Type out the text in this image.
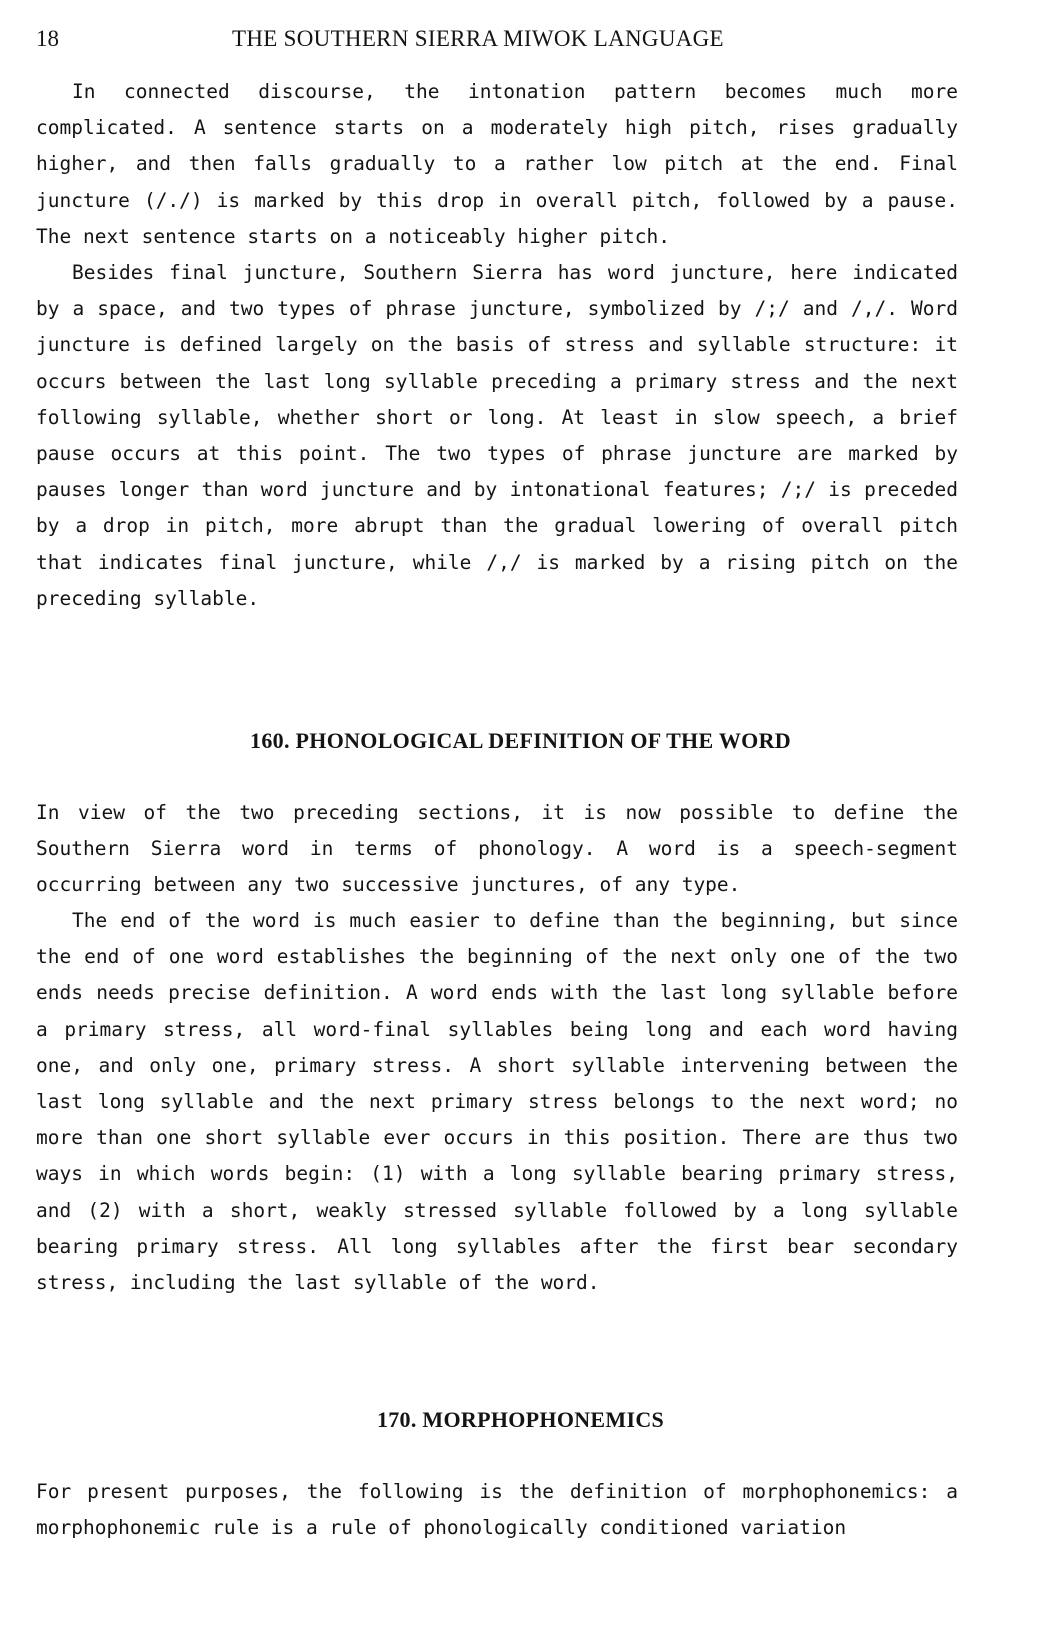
18	THE SOUTHERN SIERRA MIWOK LANGUAGE

In connected discourse, the intonation pattern becomes much more complicated. A sentence starts on a moderately high pitch, rises gradually higher, and then falls gradually to a rather low pitch at the end. Final juncture (/./) is marked by this drop in overall pitch, followed by a pause. The next sentence starts on a noticeably higher pitch.

Besides final juncture, Southern Sierra has word juncture, here indicated by a space, and two types of phrase juncture, symbolized by /;/ and /,/. Word juncture is defined largely on the basis of stress and syllable structure: it occurs between the last long syllable preceding a primary stress and the next following syllable, whether short or long. At least in slow speech, a brief pause occurs at this point. The two types of phrase juncture are marked by pauses longer than word juncture and by intonational features; /;/ is preceded by a drop in pitch, more abrupt than the gradual lowering of overall pitch that indicates final juncture, while /,/ is marked by a rising pitch on the preceding syllable.

160. PHONOLOGICAL DEFINITION OF THE WORD

In view of the two preceding sections, it is now possible to define the Southern Sierra word in terms of phonology. A word is a speech-segment occurring between any two successive junctures, of any type.

The end of the word is much easier to define than the beginning, but since the end of one word establishes the beginning of the next only one of the two ends needs precise definition. A word ends with the last long syllable before a primary stress, all word-final syllables being long and each word having one, and only one, primary stress. A short syllable intervening between the last long syllable and the next primary stress belongs to the next word; no more than one short syllable ever occurs in this position. There are thus two ways in which words begin: (1) with a long syllable bearing primary stress, and (2) with a short, weakly stressed syllable followed by a long syllable bearing primary stress. All long syllables after the first bear secondary stress, including the last syllable of the word.

170. MORPHOPHONEMICS

For present purposes, the following is the definition of morphophonemics: a morphophonemic rule is a rule of phonologically conditioned variation
